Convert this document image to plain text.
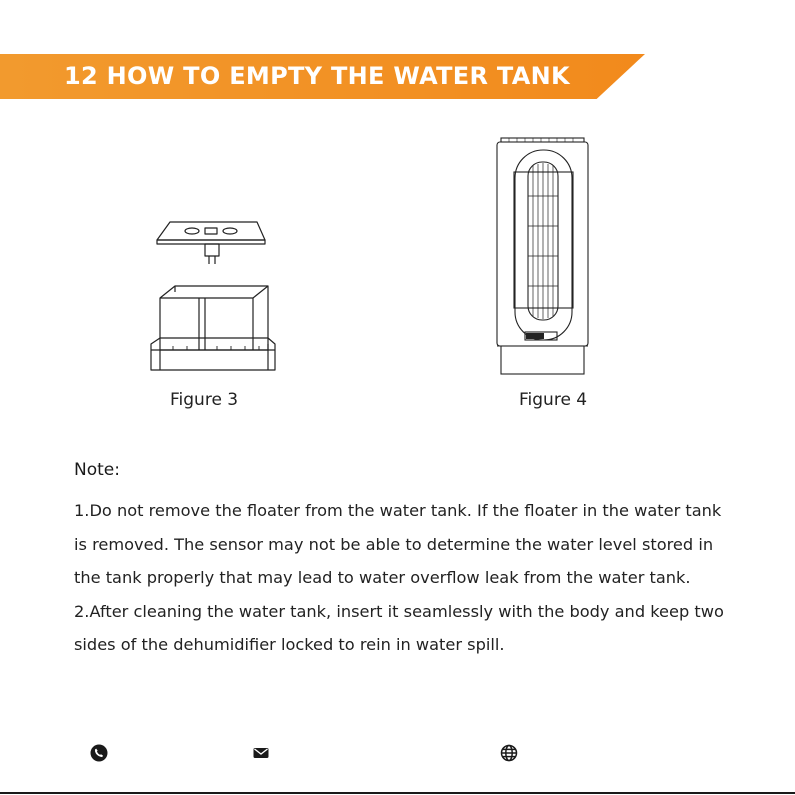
12 HOW TO EMPTY THE WATER TANK
Figure 3	Figure 4
Note:

1.Do not remove the floater from the water tank. If the floater in the water tank is removed. The sensor may not be able to determine the water level stored in the tank properly that may lead to water overflow leak from the water tank.

2.After cleaning the water tank, insert it seamlessly with the body and keep two sides of the dehumidifier locked to rein in water spill.
